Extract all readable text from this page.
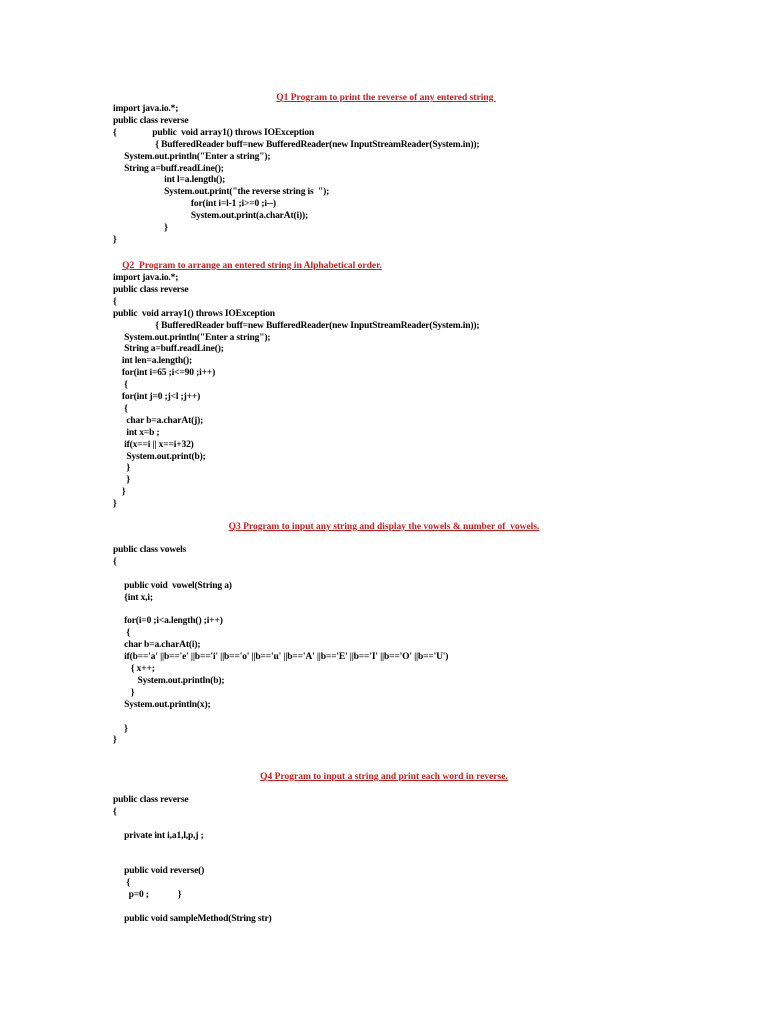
Q1 Program to print the reverse of any entered string
import java.io.*;
public class reverse
{                public  void array1() throws IOException
{ BufferedReader buff=new BufferedReader(new InputStreamReader(System.in));
System.out.println("Enter a string");
String a=buff.readLine();
int l=a.length();
System.out.print("the reverse string is  ");
for(int i=l-1 ;i>=0 ;i--)
System.out.print(a.charAt(i));
}
}
Q2  Program to arrange an entered string in Alphabetical order.
import java.io.*;
public class reverse
{
public  void array1() throws IOException
{ BufferedReader buff=new BufferedReader(new InputStreamReader(System.in));
System.out.println("Enter a string");
String a=buff.readLine();
int len=a.length();
for(int i=65 ;i<=90 ;i++)
{
for(int j=0 ;j<l ;j++)
{
char b=a.charAt(j);
int x=b ;
if(x==i || x==i+32)
System.out.print(b);
}
}
}
}
Q3 Program to input any string and display the vowels & number of  vowels.
public class vowels
{
public void  vowel(String a)
{int x,i;
for(i=0 ;i<a.length() ;i++)
{
char b=a.charAt(i);
if(b=='a' ||b=='e' ||b=='i' ||b=='o' ||b=='u' ||b=='A' ||b=='E' ||b=='I' ||b=='O' ||b=='U')
{ x++;
System.out.println(b);
}
System.out.println(x);
}
}
Q4 Program to input a string and print each word in reverse.
public class reverse
{
private int i,a1,l,p,j ;
public void reverse()
{
p=0 ;             }
public void sampleMethod(String str)
